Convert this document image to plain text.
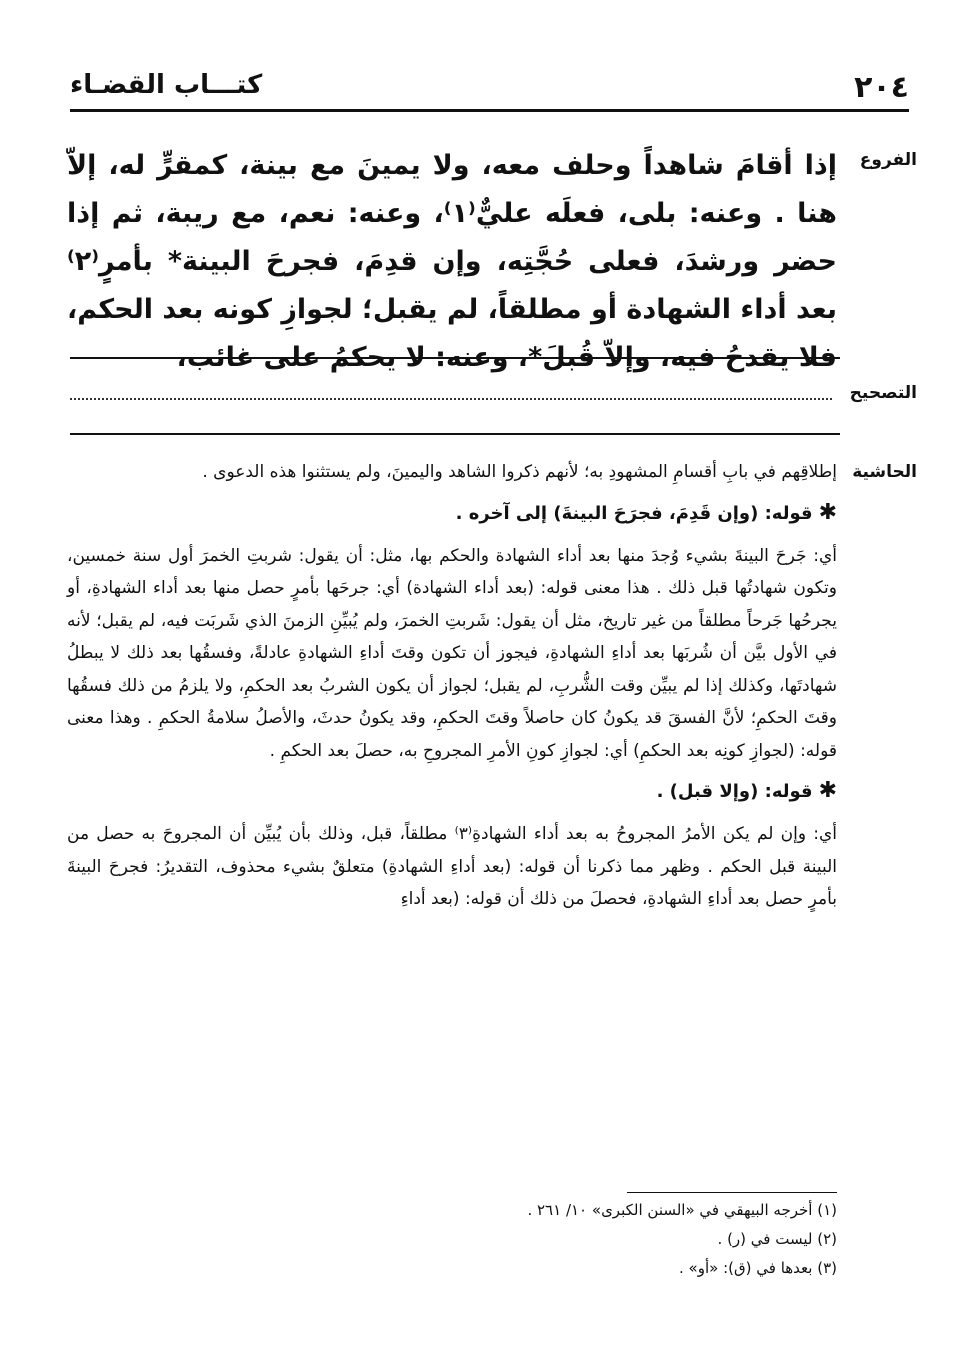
٢٠٤
كتـــاب القضـاء
الفروع

إذا أقامَ شاهداً وحلف معه، ولا يمينَ مع بينة، كمقرٍّ له، إلاّ هنا . وعنه: بلى، فعلَه عليٌّ⁽١⁾، وعنه: نعم، مع ريبة، ثم إذا حضر ورشدَ، فعلى حُجَّتِه، وإن قدِمَ، فجرحَ البينة* بأمرٍ⁽٢⁾ بعد أداء الشهادة أو مطلقاً، لم يقبل؛ لجوازِ كونه بعد الحكم، فلا يقدحُ فيه، وإلاّ قُبلَ*، وعنه: لا يحكمُ على غائب،

التصحيح
الحاشية

إطلاقِهم في بابِ أقسامِ المشهودِ به؛ لأنهم ذكروا الشاهد واليمينَ، ولم يستثنوا هذه الدعوى .

✱قوله: (وإن قَدِمَ، فجرَحَ البينةَ) إلى آخره .

أي: جَرحَ البينةَ بشيء وُجدَ منها بعد أداء الشهادة والحكم بها، مثل: أن يقول: شربتِ الخمرَ أول سنة خمسين، وتكون شهادتُها قبل ذلك . هذا معنى قوله: (بعد أداء الشهادة) أي: جرحَها بأمرٍ حصل منها بعد أداء الشهادةِ، أو يجرحُها جَرحاً مطلقاً من غير تاريخ، مثل أن يقول: شَربتِ الخمرَ، ولم يُبيِّنِ الزمنَ الذي شَربَت فيه، لم يقبل؛ لأنه في الأول بيَّن أن شُربَها بعد أداءِ الشهادةِ، فيجوز أن تكون وقتَ أداءِ الشهادةِ عادلةً، وفسقُها بعد ذلك لا يبطلُ شهادتَها، وكذلك إذا لم يبيِّن وقت الشُّربِ، لم يقبل؛ لجواز أن يكون الشربُ بعد الحكمِ، ولا يلزمُ من ذلك فسقُها وقتَ الحكمِ؛ لأنَّ الفسقَ قد يكونُ كان حاصلاً وقتَ الحكمِ، وقد يكونُ حدثَ، والأصلُ سلامةُ الحكمِ . وهذا معنى قوله: (لجوازِ كونِه بعد الحكمِ) أي: لجوازِ كونِ الأمرِ المجروحِ به، حصلَ بعد الحكمِ .

✱قوله: (وإلا قبل) .

أي: وإن لم يكن الأمرُ المجروحُ به بعد أداء الشهادةِ⁽٣⁾ مطلقاً، قبل، وذلك بأن يُبيِّن أن المجروحَ به حصل من البينة قبل الحكم . وظهر مما ذكرنا أن قوله: (بعد أداءِ الشهادةِ) متعلقٌ بشيء محذوف، التقديرُ: فجرحَ البينةَ بأمرٍ حصل بعد أداءِ الشهادةِ، فحصلَ من ذلك أن قوله: (بعد أداءِ

(١) أخرجه البيهقي في «السنن الكبرى» ١٠/ ٢٦١ .
(٢) ليست في (ر) .
(٣) بعدها في (ق): «أو» .
